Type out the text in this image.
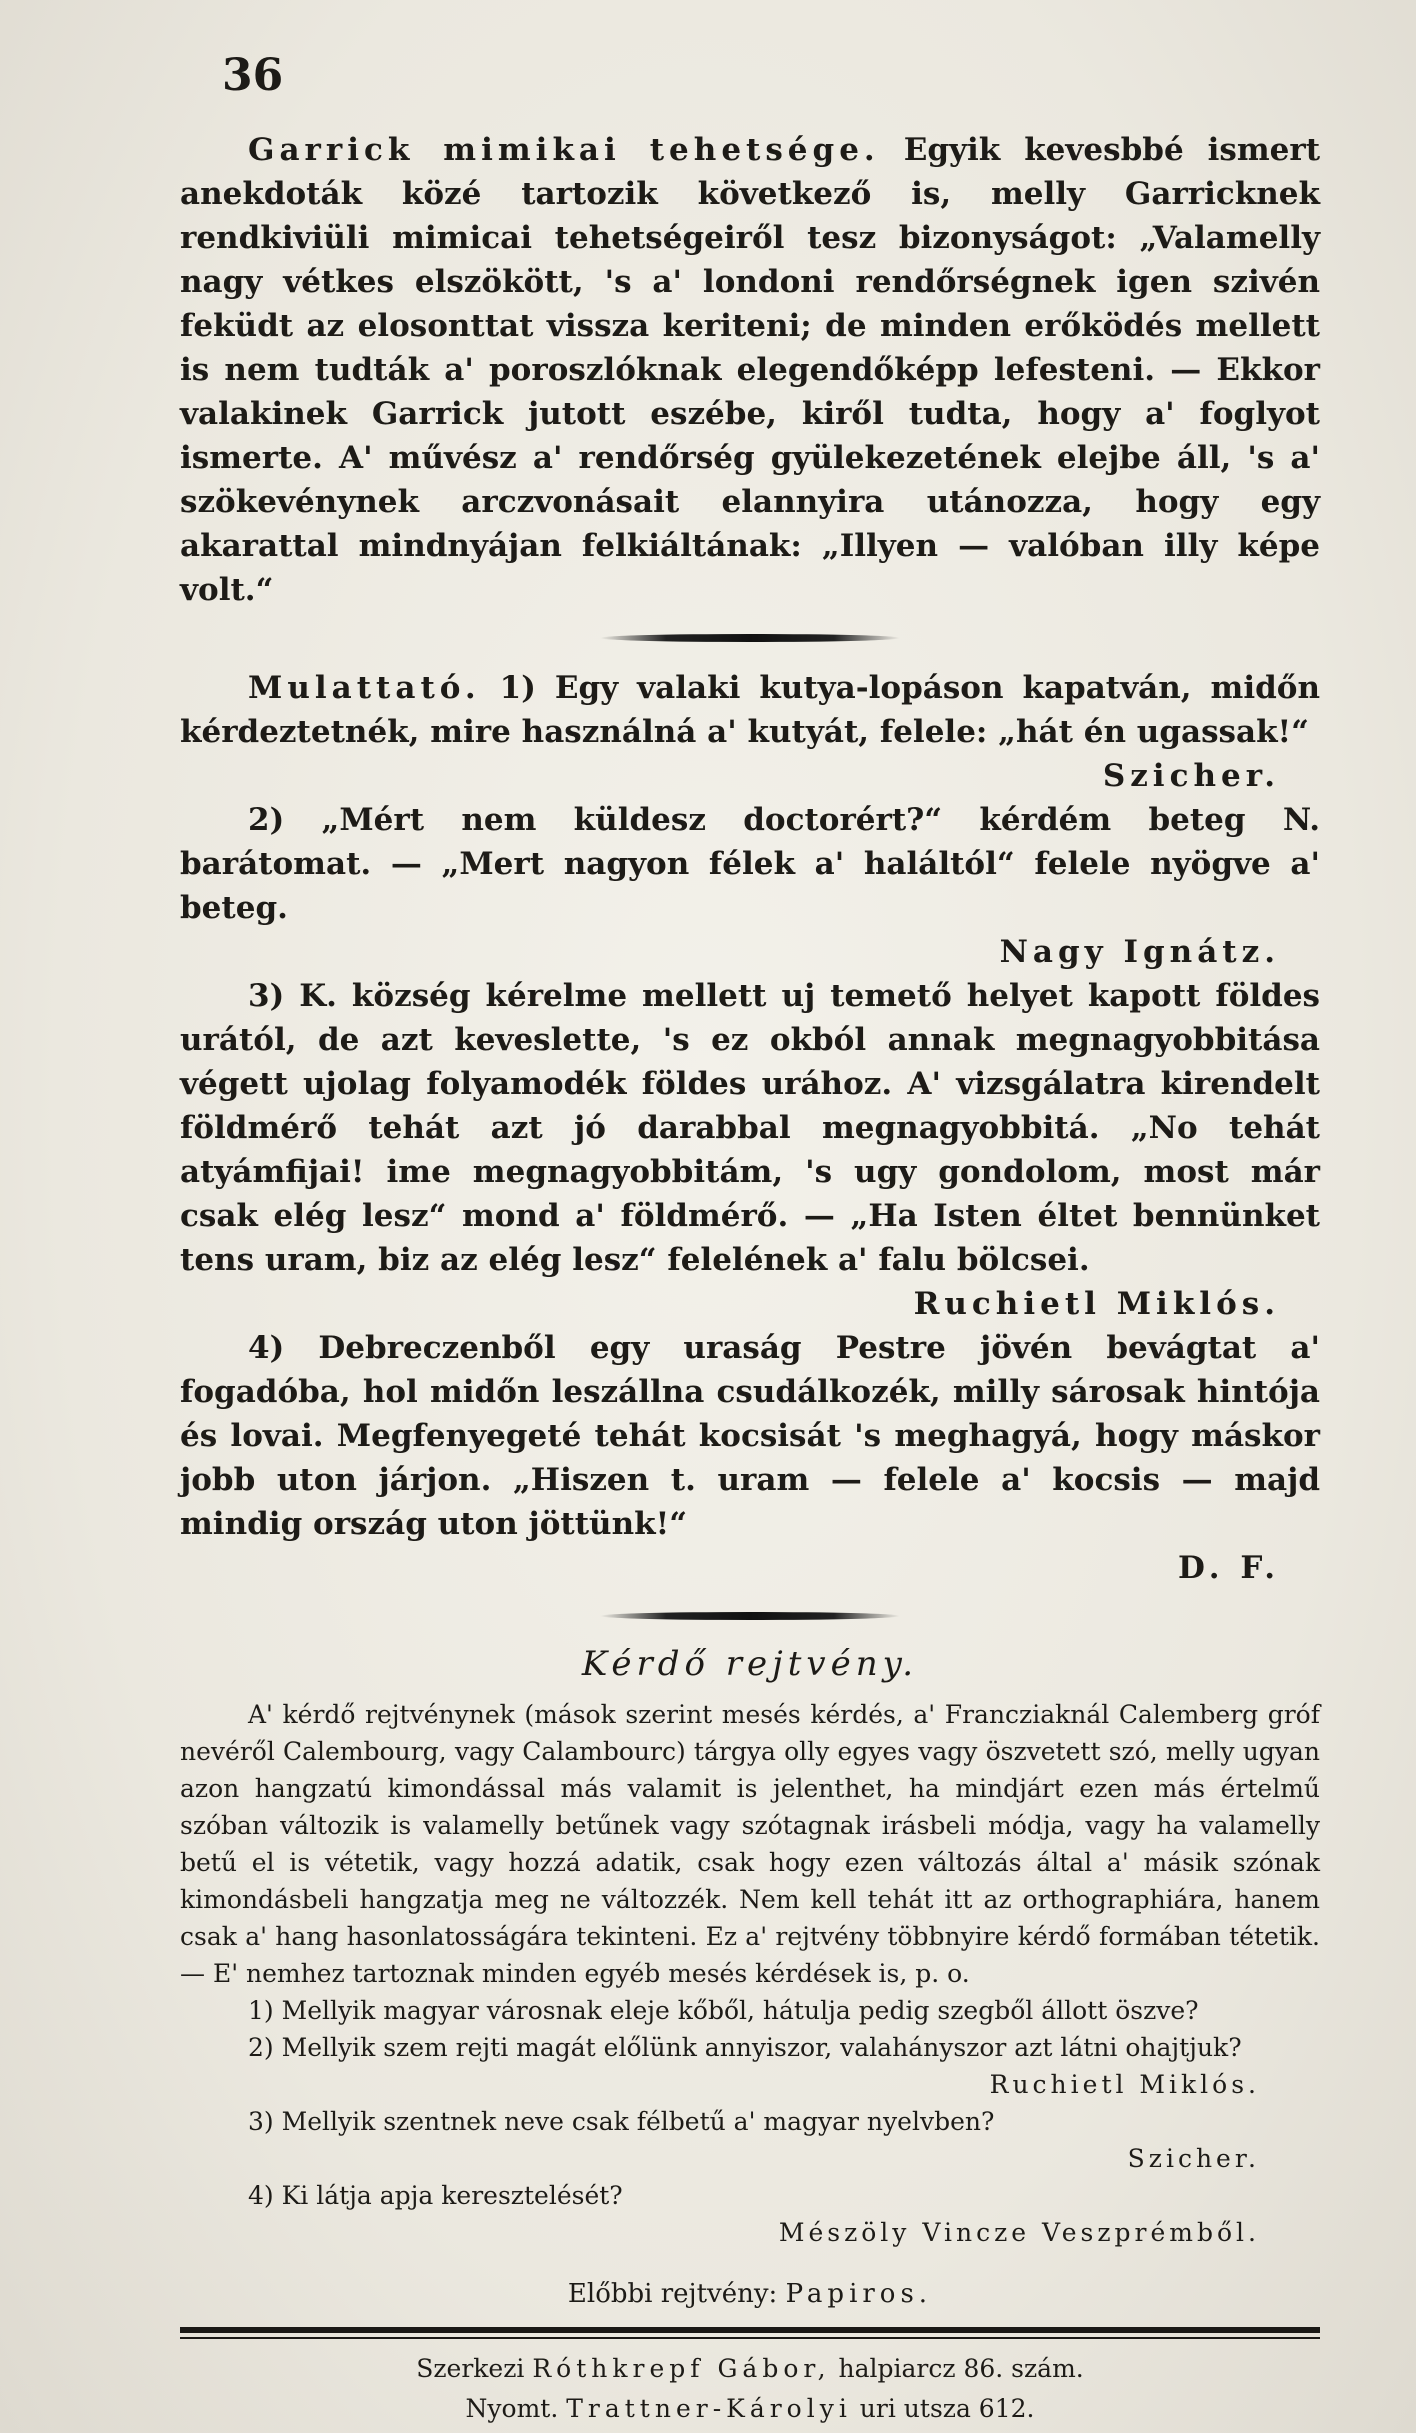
36

Garrick mimikai tehetsége. Egyik kevesbbé ismert anekdoták közé tartozik következő is, melly Garricknek rendkiviüli mimicai tehetségeiről tesz bizonyságot: „Valamelly nagy vétkes elszökött, 's a' londoni rendőrségnek igen szivén feküdt az elosonttat vissza keriteni; de minden erőködés mellett is nem tudták a' poroszlóknak elegendőképp lefesteni. — Ekkor valakinek Garrick jutott eszébe, kiről tudta, hogy a' foglyot ismerte. A' művész a' rendőrség gyülekezetének elejbe áll, 's a' szökevénynek arczvonásait elannyira utánozza, hogy egy akarattal mindnyájan felkiáltának: „Illyen — valóban illy képe volt.“

Mulattató. 1) Egy valaki kutya-lopáson kapatván, midőn kérdeztetnék, mire használná a' kutyát, felele: „hát én ugassak!“

Szicher.

2) „Mért nem küldesz doctorért?“ kérdém beteg N. barátomat. — „Mert nagyon félek a' haláltól“ felele nyögve a' beteg.

Nagy Ignátz.

3) K. község kérelme mellett uj temető helyet kapott földes urától, de azt keveslette, 's ez okból annak megnagyobbitása végett ujolag folyamodék földes urához. A' vizsgálatra kirendelt földmérő tehát azt jó darabbal megnagyobbitá. „No tehát atyámfijai! ime megnagyobbitám, 's ugy gondolom, most már csak elég lesz“ mond a' földmérő. — „Ha Isten éltet bennünket tens uram, biz az elég lesz“ felelének a' falu bölcsei.

Ruchietl Miklós.

4) Debreczenből egy uraság Pestre jövén bevágtat a' fogadóba, hol midőn leszállna csudálkozék, milly sárosak hintója és lovai. Megfenyegeté tehát kocsisát 's meghagyá, hogy máskor jobb uton járjon. „Hiszen t. uram — felele a' kocsis — majd mindig ország uton jöttünk!“

D. F.
Kérdő rejtvény.

A' kérdő rejtvénynek (mások szerint mesés kérdés, a' Francziaknál Calemberg gróf nevéről Calembourg, vagy Calambourc) tárgya olly egyes vagy öszvetett szó, melly ugyan azon hangzatú kimondással más valamit is jelenthet, ha mindjárt ezen más értelmű szóban változik is valamelly betűnek vagy szótagnak irásbeli módja, vagy ha valamelly betű el is vétetik, vagy hozzá adatik, csak hogy ezen változás által a' másik szónak kimondásbeli hangzatja meg ne változzék. Nem kell tehát itt az orthographiára, hanem csak a' hang hasonlatosságára tekinteni. Ez a' rejtvény többnyire kérdő formában tétetik. — E' nemhez tartoznak minden egyéb mesés kérdések is, p. o.

1) Mellyik magyar városnak eleje kőből, hátulja pedig szegből állott öszve?
2) Mellyik szem rejti magát előlünk annyiszor, valahányszor azt látni ohajtjuk?
Ruchietl Miklós.
3) Mellyik szentnek neve csak félbetű a' magyar nyelvben?
Szicher.
4) Ki látja apja keresztelését?
Mészöly Vincze Veszprémből.
Előbbi rejtvény: Papiros.
Szerkezi Róthkrepf Gábor, halpiarcz 86. szám.
Nyomt. Trattner-Károlyi uri utsza 612.
